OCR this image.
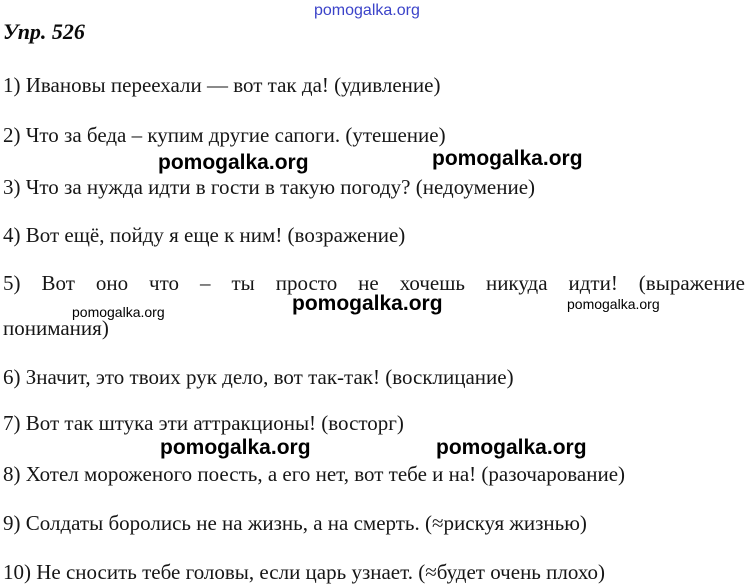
pomogalka.org
Упр. 526
1) Ивановы переехали — вот так да! (удивление)
2) Что за беда – купим другие сапоги. (утешение)
pomogalka.org	pomogalka.org
3) Что за нужда идти в гости в такую погоду? (недоумение)
4) Вот ещё, пойду я еще к ним! (возражение)
5) Вот оно что – ты просто не хочешь никуда идти! (выражение
pomogalka.org
pomogalka.org	pomogalka.org
понимания)
6) Значит, это твоих рук дело, вот так-так! (восклицание)
7) Вот так штука эти аттракционы! (восторг)
pomogalka.org	pomogalka.org
8) Хотел мороженого поесть, а его нет, вот тебе и на! (разочарование)
9) Солдаты боролись не на жизнь, а на смерть. (≈рискуя жизнью)
10) Не сносить тебе головы, если царь узнает. (≈будет очень плохо)
